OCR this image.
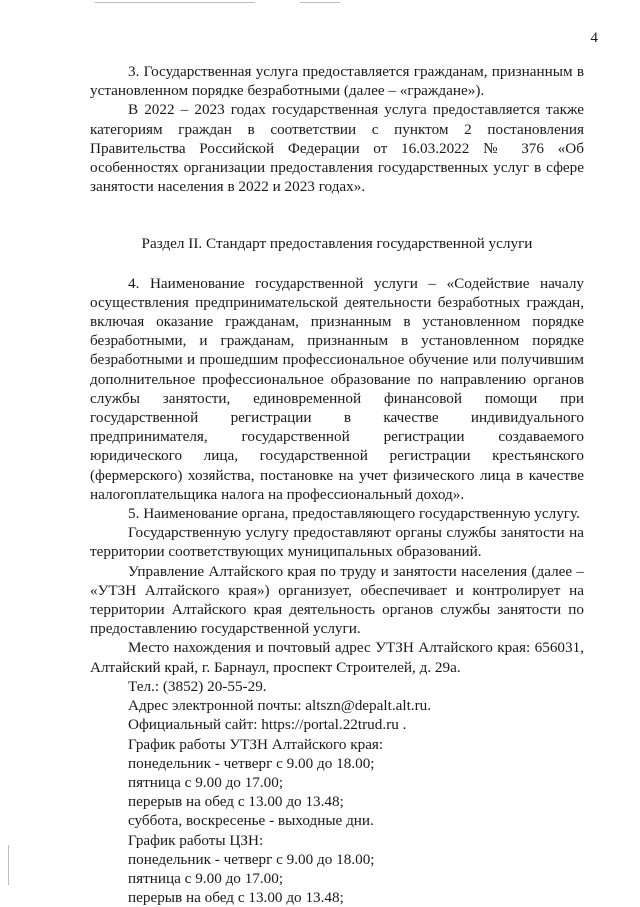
4

3. Государственная услуга предоставляется гражданам, признанным в установленном порядке безработными (далее – «граждане»).

В 2022 – 2023 годах государственная услуга предоставляется также категориям граждан в соответствии с пунктом 2 постановления Правительства Российской Федерации от 16.03.2022 № 376 «Об особенностях организации предоставления государственных услуг в сфере занятости населения в 2022 и 2023 годах».

Раздел II. Стандарт предоставления государственной услуги

4. Наименование государственной услуги – «Содействие началу осуществления предпринимательской деятельности безработных граждан, включая оказание гражданам, признанным в установленном порядке безработными, и гражданам, признанным в установленном порядке безработными и прошедшим профессиональное обучение или получившим дополнительное профессиональное образование по направлению органов службы занятости, единовременной финансовой помощи при государственной регистрации в качестве индивидуального предпринимателя, государственной регистрации создаваемого юридического лица, государственной регистрации крестьянского (фермерского) хозяйства, постановке на учет физического лица в качестве налогоплательщика налога на профессиональный доход».

5. Наименование органа, предоставляющего государственную услугу.

Государственную услугу предоставляют органы службы занятости на территории соответствующих муниципальных образований.

Управление Алтайского края по труду и занятости населения (далее – «УТЗН Алтайского края») организует, обеспечивает и контролирует на территории Алтайского края деятельность органов службы занятости по предоставлению государственной услуги.

Место нахождения и почтовый адрес УТЗН Алтайского края: 656031, Алтайский край, г. Барнаул, проспект Строителей, д. 29а.

Тел.: (3852) 20-55-29.

Адрес электронной почты: altszn@depalt.alt.ru.

Официальный сайт: https://portal.22trud.ru .

График работы УТЗН Алтайского края:

понедельник - четверг с 9.00 до 18.00;

пятница с 9.00 до 17.00;

перерыв на обед с 13.00 до 13.48;

суббота, воскресенье - выходные дни.

График работы ЦЗН:

понедельник - четверг с 9.00 до 18.00;

пятница с 9.00 до 17.00;

перерыв на обед с 13.00 до 13.48;
